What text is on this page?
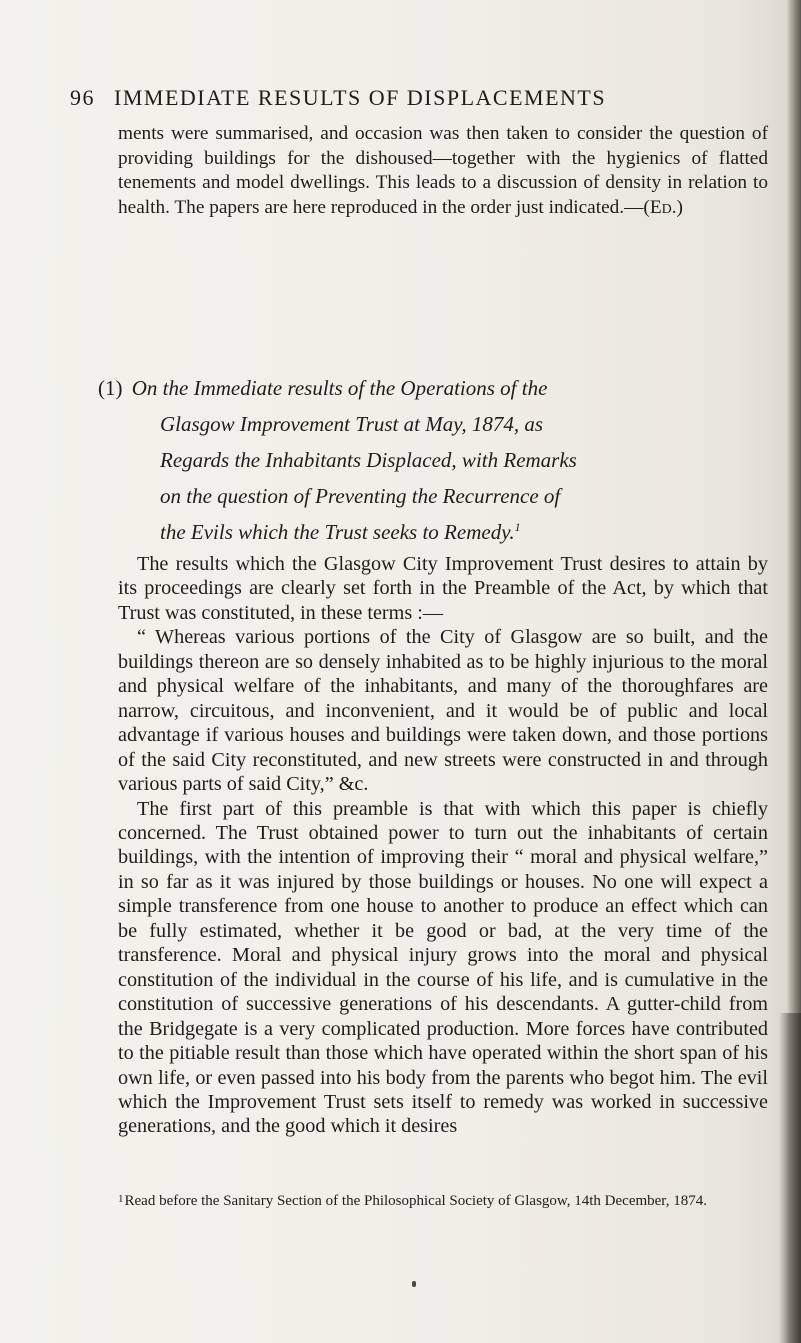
96 IMMEDIATE RESULTS OF DISPLACEMENTS

ments were summarised, and occasion was then taken to consider the question of providing buildings for the dishoused—together with the hygienics of flatted tenements and model dwellings. This leads to a discussion of density in relation to health. The papers are here reproduced in the order just indicated.—(Ed.)

(1) On the Immediate results of the Operations of the
Glasgow Improvement Trust at May, 1874, as
Regards the Inhabitants Displaced, with Remarks
on the question of Preventing the Recurrence of
the Evils which the Trust seeks to Remedy.$^1$

The results which the Glasgow City Improvement Trust desires to attain by its proceedings are clearly set forth in the Preamble of the Act, by which that Trust was constituted, in these terms :—

“ Whereas various portions of the City of Glasgow are so built, and the buildings thereon are so densely inhabited as to be highly injurious to the moral and physical welfare of the inhabitants, and many of the thoroughfares are narrow, circuitous, and inconvenient, and it would be of public and local advantage if various houses and buildings were taken down, and those portions of the said City reconstituted, and new streets were constructed in and through various parts of said City,” &c.

The first part of this preamble is that with which this paper is chiefly concerned. The Trust obtained power to turn out the inhabitants of certain buildings, with the intention of improving their “ moral and physical welfare,” in so far as it was injured by those buildings or houses. No one will expect a simple transference from one house to another to produce an effect which can be fully estimated, whether it be good or bad, at the very time of the transference. Moral and physical injury grows into the moral and physical constitution of the individual in the course of his life, and is cumulative in the constitution of successive generations of his descendants. A gutter-child from the Bridgegate is a very complicated production. More forces have contributed to the pitiable result than those which have operated within the short span of his own life, or even passed into his body from the parents who begot him. The evil which the Improvement Trust sets itself to remedy was worked in successive generations, and the good which it desires

$^1$Read before the Sanitary Section of the Philosophical Society of Glasgow, 14th December, 1874.
